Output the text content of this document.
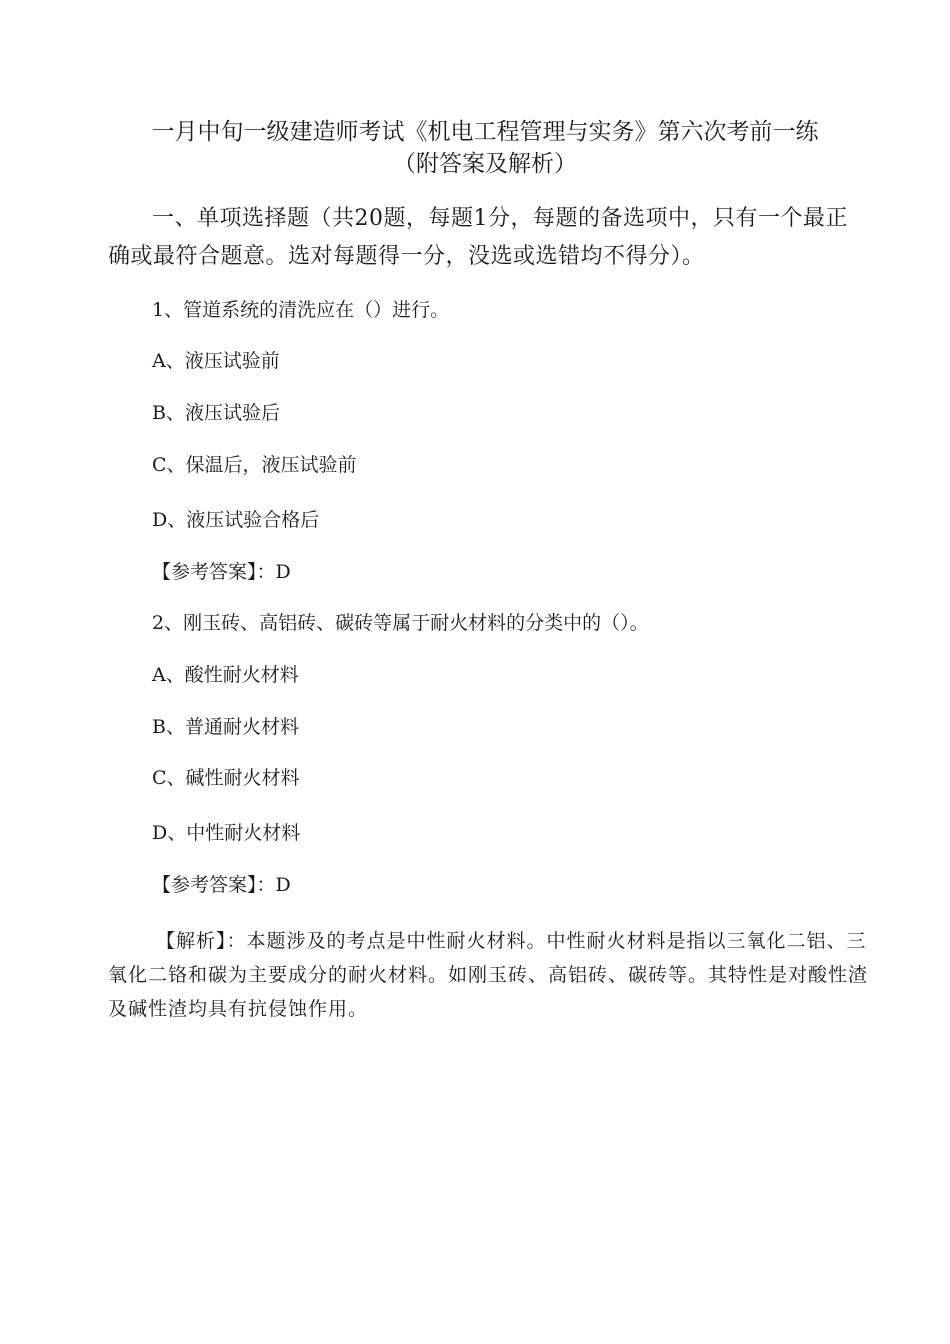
一月中旬一级建造师考试《机电工程管理与实务》第六次考前一练
（附答案及解析）

一、单项选择题（共20题，每题1分，每题的备选项中，只有一个最正确或最符合题意。选对每题得一分，没选或选错均不得分）。

1、管道系统的清洗应在（）进行。

A、液压试验前

B、液压试验后

C、保温后，液压试验前

D、液压试验合格后

【参考答案】：D

2、刚玉砖、高铝砖、碳砖等属于耐火材料的分类中的（）。

A、酸性耐火材料

B、普通耐火材料

C、碱性耐火材料

D、中性耐火材料

【参考答案】：D

【解析】：本题涉及的考点是中性耐火材料。中性耐火材料是指以三氧化二铝、三氧化二铬和碳为主要成分的耐火材料。如刚玉砖、高铝砖、碳砖等。其特性是对酸性渣及碱性渣均具有抗侵蚀作用。
